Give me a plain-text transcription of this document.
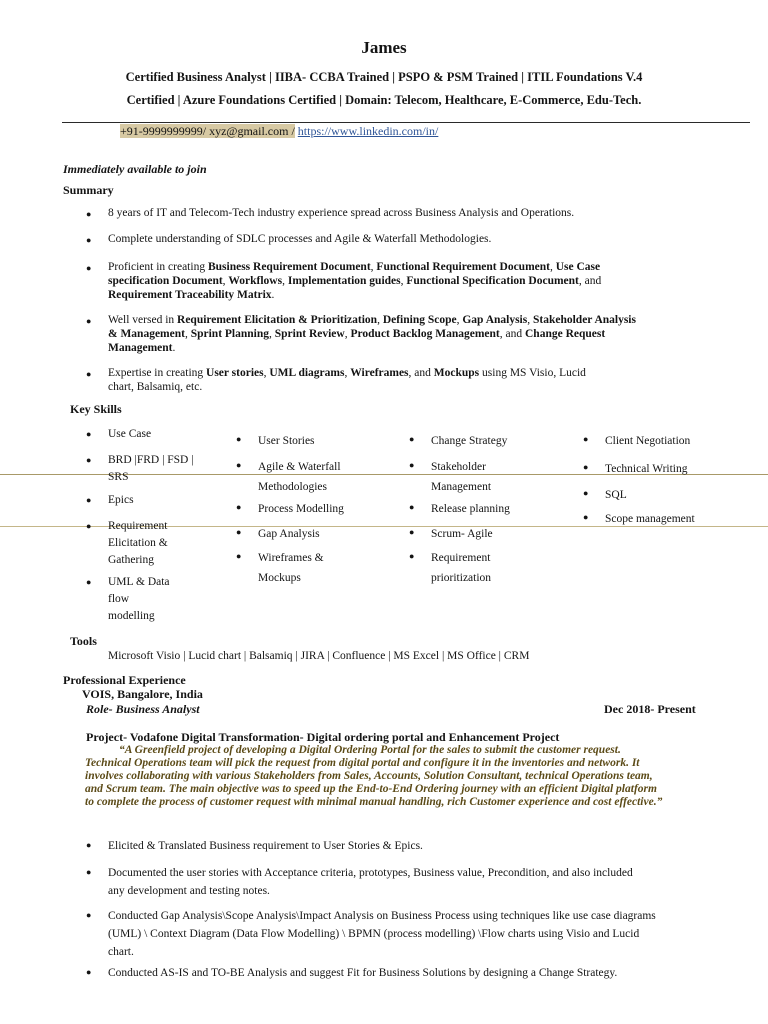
James
Certified Business Analyst | IIBA- CCBA Trained | PSPO & PSM Trained | ITIL Foundations V.4
Certified | Azure Foundations Certified | Domain: Telecom, Healthcare, E-Commerce, Edu-Tech.
+91-9999999999/ xyz@gmail.com / https://www.linkedin.com/in/
Immediately available to join
Summary
● 8 years of IT and Telecom-Tech industry experience spread across Business Analysis and Operations.
● Complete understanding of SDLC processes and Agile & Waterfall Methodologies.
● Proficient in creating Business Requirement Document, Functional Requirement Document, Use Case
specification Document, Workflows, Implementation guides, Functional Specification Document, and
Requirement Traceability Matrix.
● Well versed in Requirement Elicitation & Prioritization, Defining Scope, Gap Analysis, Stakeholder Analysis
& Management, Sprint Planning, Sprint Review, Product Backlog Management, and Change Request
Management.
● Expertise in creating User stories, UML diagrams, Wireframes, and Mockups using MS Visio, Lucid
chart, Balsamiq, etc.
Key Skills
● Use Case
● BRD |FRD | FSD |
SRS
● Epics
● Requirement
Elicitation &
Gathering
● UML & Data
flow
modelling
● User Stories
● Agile & Waterfall
Methodologies
● Process Modelling
● Gap Analysis
● Wireframes &
Mockups
● Change Strategy
● Stakeholder
Management
● Release planning
● Scrum- Agile
● Requirement
prioritization
● Client Negotiation
● Technical Writing
● SQL
● Scope management
Tools
Microsoft Visio | Lucid chart | Balsamiq | JIRA | Confluence | MS Excel | MS Office | CRM
Professional Experience
VOIS, Bangalore, India
Role- Business Analyst	Dec 2018- Present
Project- Vodafone Digital Transformation- Digital ordering portal and Enhancement Project
“A Greenfield project of developing a Digital Ordering Portal for the sales to submit the customer request.
Technical Operations team will pick the request from digital portal and configure it in the inventories and network. It
involves collaborating with various Stakeholders from Sales, Accounts, Solution Consultant, technical Operations team,
and Scrum team. The main objective was to speed up the End-to-End Ordering journey with an efficient Digital platform
to complete the process of customer request with minimal manual handling, rich Customer experience and cost effective.”
● Elicited & Translated Business requirement to User Stories & Epics.
● Documented the user stories with Acceptance criteria, prototypes, Business value, Precondition, and also included
any development and testing notes.
● Conducted Gap Analysis\Scope Analysis\Impact Analysis on Business Process using techniques like use case diagrams
(UML) \ Context Diagram (Data Flow Modelling) \ BPMN (process modelling) \Flow charts using Visio and Lucid
chart.
● Conducted AS-IS and TO-BE Analysis and suggest Fit for Business Solutions by designing a Change Strategy.
